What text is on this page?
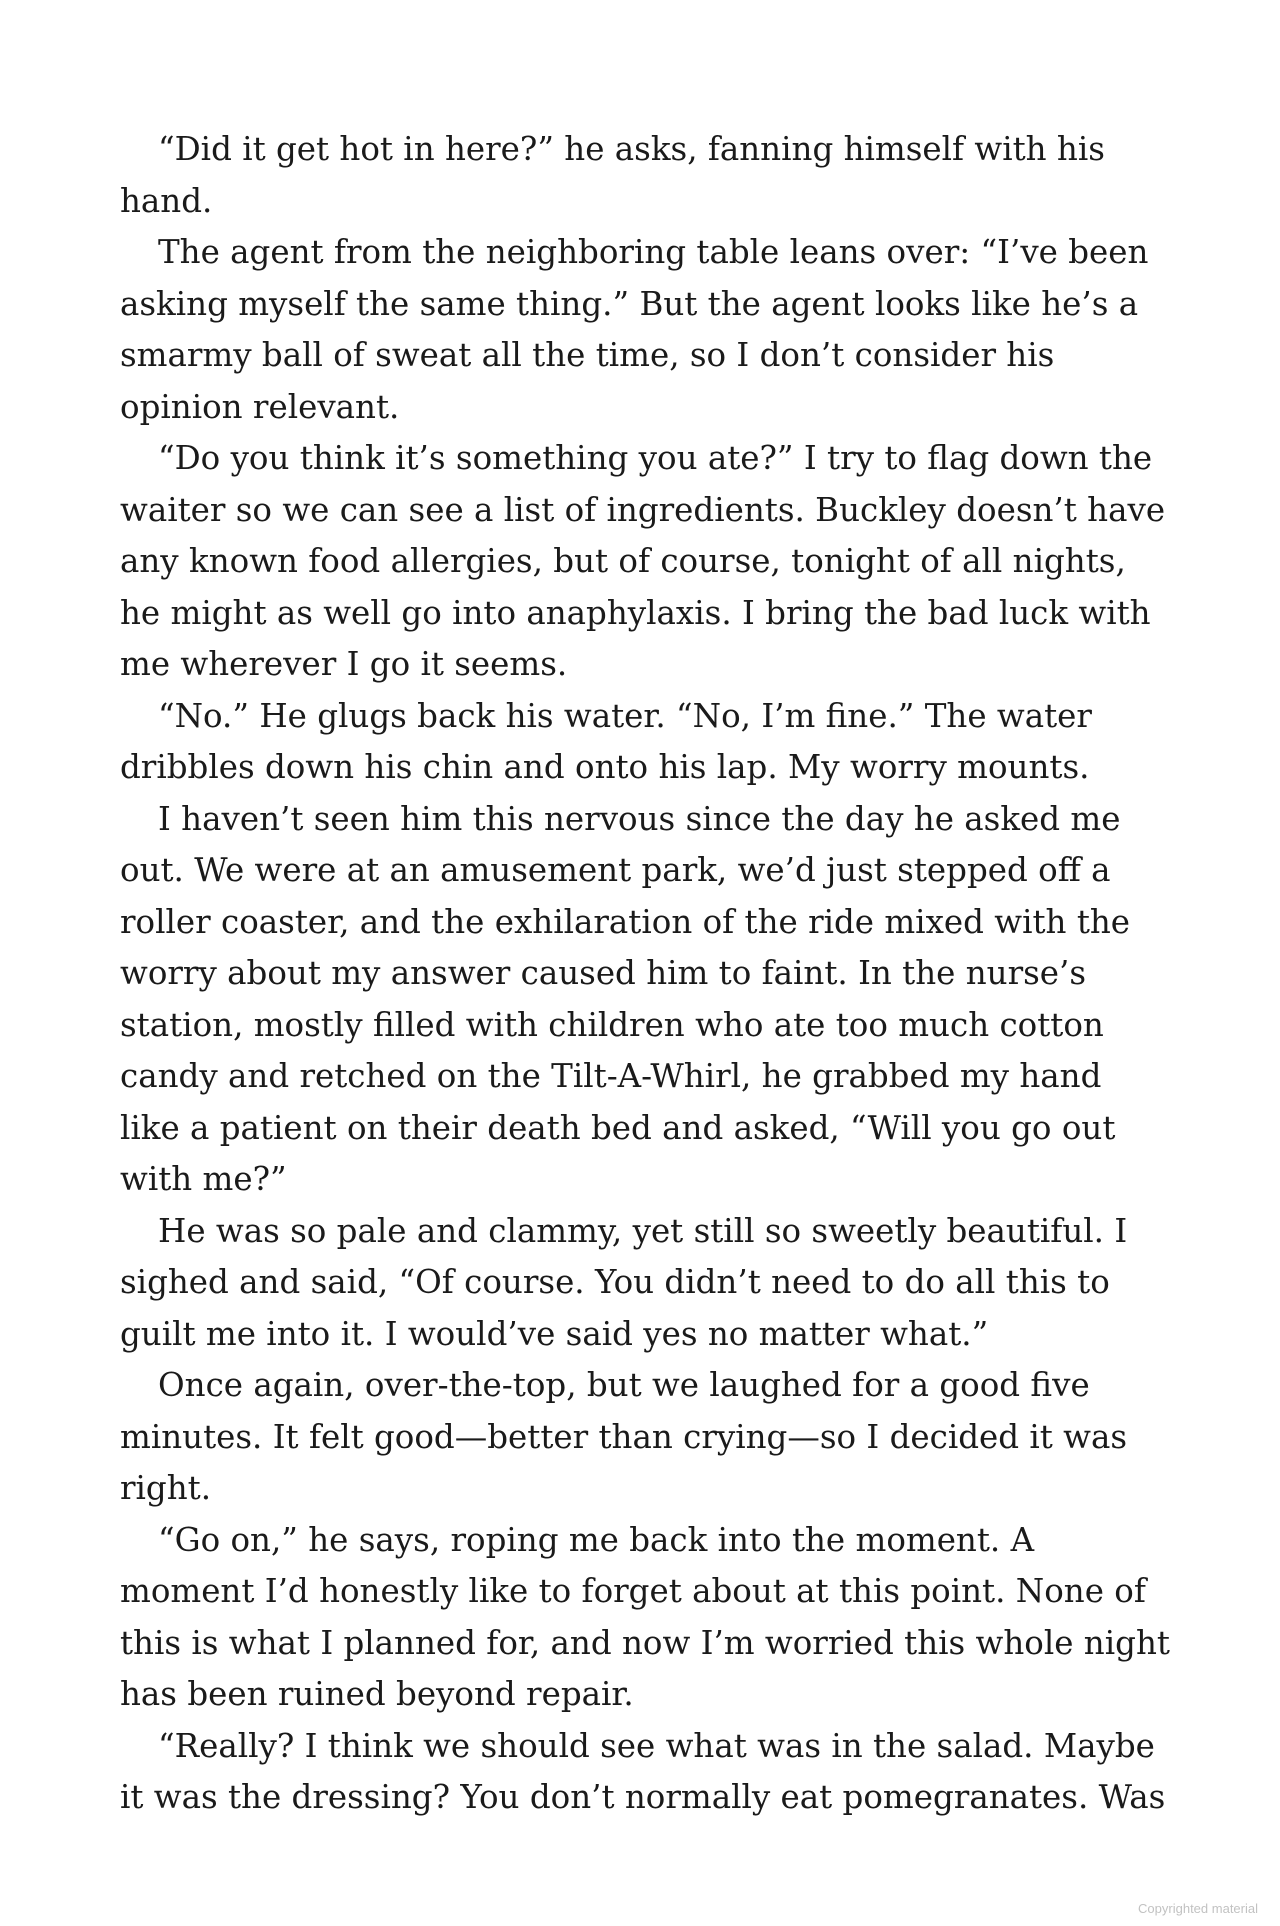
“Did it get hot in here?” he asks, fanning himself with his hand.

The agent from the neighboring table leans over: “I’ve been asking myself the same thing.” But the agent looks like he’s a smarmy ball of sweat all the time, so I don’t consider his opinion relevant.

“Do you think it’s something you ate?” I try to flag down the waiter so we can see a list of ingredients. Buckley doesn’t have any known food allergies, but of course, tonight of all nights, he might as well go into anaphylaxis. I bring the bad luck with me wherever I go it seems.

“No.” He glugs back his water. “No, I’m fine.” The water dribbles down his chin and onto his lap. My worry mounts.

I haven’t seen him this nervous since the day he asked me out. We were at an amusement park, we’d just stepped off a roller coaster, and the exhilaration of the ride mixed with the worry about my answer caused him to faint. In the nurse’s station, mostly filled with children who ate too much cotton candy and retched on the Tilt-A-Whirl, he grabbed my hand like a patient on their death bed and asked, “Will you go out with me?”

He was so pale and clammy, yet still so sweetly beautiful. I sighed and said, “Of course. You didn’t need to do all this to guilt me into it. I would’ve said yes no matter what.”

Once again, over-the-top, but we laughed for a good five minutes. It felt good—better than crying—so I decided it was right.

“Go on,” he says, roping me back into the moment. A moment I’d honestly like to forget about at this point. None of this is what I planned for, and now I’m worried this whole night has been ruined beyond repair.

“Really? I think we should see what was in the salad. Maybe it was the dressing? You don’t normally eat pomegranates. Was

Copyrighted material
